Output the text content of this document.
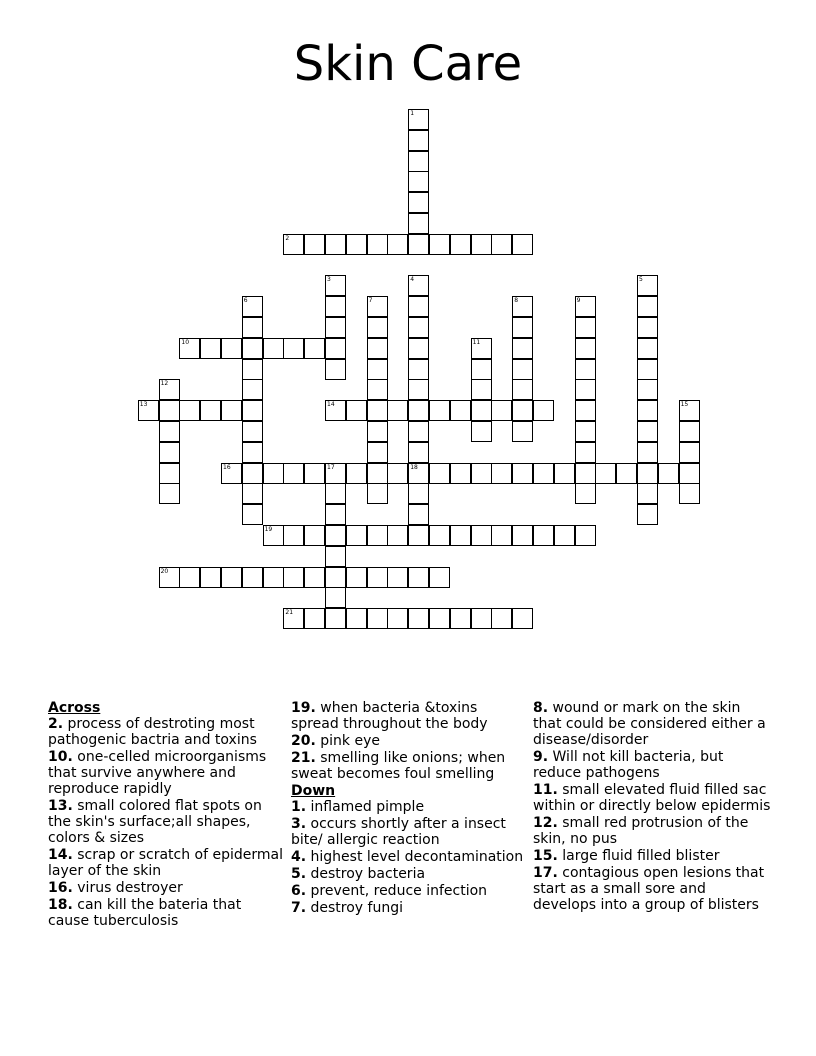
Skin Care
1
2
3	4
18
5
6	7	8	9
10	11
12
13	14	15
16	17
19
20
21
Across
2. process of destroting most pathogenic bactria and toxins
10. one-celled microorganisms that survive anywhere and reproduce rapidly
13. small colored flat spots on the skin's surface;all shapes, colors & sizes
14. scrap or scratch of epidermal layer of the skin
16. virus destroyer
18. can kill the bateria that cause tuberculosis
19. when bacteria &toxins spread throughout the body
20. pink eye
21. smelling like onions; when sweat becomes foul smelling
Down
1. inflamed pimple
3. occurs shortly after a insect bite/ allergic reaction
4. highest level decontamination
5. destroy bacteria
6. prevent, reduce infection
7. destroy fungi
8. wound or mark on the skin that could be considered either a disease/disorder
9. Will not kill bacteria, but reduce pathogens
11. small elevated fluid filled sac within or directly below epidermis
12. small red protrusion of the skin, no pus
15. large fluid filled blister
17. contagious open lesions that start as a small sore and develops into a group of blisters
